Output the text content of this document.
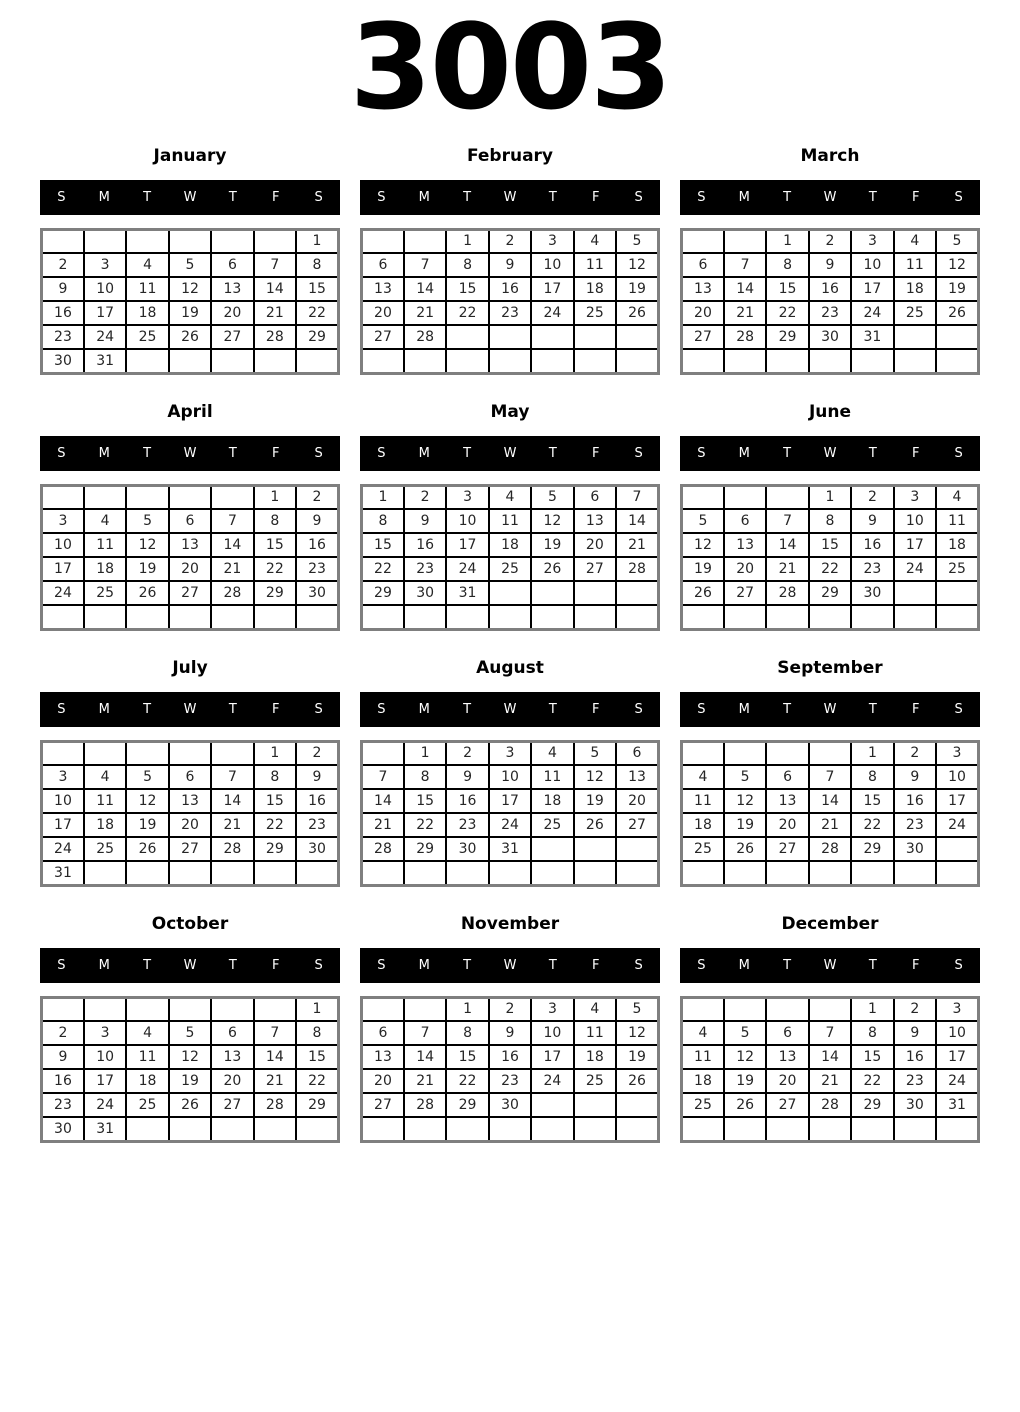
3003
January
S	M	T	W	T	F	S
						1
2	3	4	5	6	7	8
9	10	11	12	13	14	15
16	17	18	19	20	21	22
23	24	25	26	27	28	29
30	31					
February
S	M	T	W	T	F	S
		1	2	3	4	5
6	7	8	9	10	11	12
13	14	15	16	17	18	19
20	21	22	23	24	25	26
27	28					

March
S	M	T	W	T	F	S
		1	2	3	4	5
6	7	8	9	10	11	12
13	14	15	16	17	18	19
20	21	22	23	24	25	26
27	28	29	30	31		

April
S	M	T	W	T	F	S
					1	2
3	4	5	6	7	8	9
10	11	12	13	14	15	16
17	18	19	20	21	22	23
24	25	26	27	28	29	30

May
S	M	T	W	T	F	S
1	2	3	4	5	6	7
8	9	10	11	12	13	14
15	16	17	18	19	20	21
22	23	24	25	26	27	28
29	30	31				

June
S	M	T	W	T	F	S
			1	2	3	4
5	6	7	8	9	10	11
12	13	14	15	16	17	18
19	20	21	22	23	24	25
26	27	28	29	30		

July
S	M	T	W	T	F	S
					1	2
3	4	5	6	7	8	9
10	11	12	13	14	15	16
17	18	19	20	21	22	23
24	25	26	27	28	29	30
31						
August
S	M	T	W	T	F	S
	1	2	3	4	5	6
7	8	9	10	11	12	13
14	15	16	17	18	19	20
21	22	23	24	25	26	27
28	29	30	31			

September
S	M	T	W	T	F	S
				1	2	3
4	5	6	7	8	9	10
11	12	13	14	15	16	17
18	19	20	21	22	23	24
25	26	27	28	29	30	

October
S	M	T	W	T	F	S
						1
2	3	4	5	6	7	8
9	10	11	12	13	14	15
16	17	18	19	20	21	22
23	24	25	26	27	28	29
30	31					
November
S	M	T	W	T	F	S
		1	2	3	4	5
6	7	8	9	10	11	12
13	14	15	16	17	18	19
20	21	22	23	24	25	26
27	28	29	30			

December
S	M	T	W	T	F	S
				1	2	3
4	5	6	7	8	9	10
11	12	13	14	15	16	17
18	19	20	21	22	23	24
25	26	27	28	29	30	31
